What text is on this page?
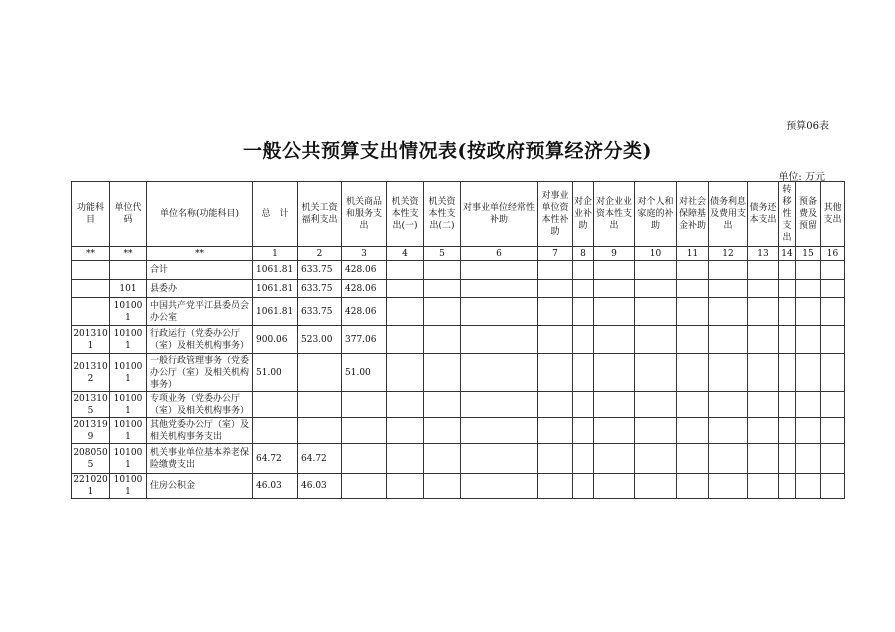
预算06表
一般公共预算支出情况表(按政府预算经济分类)
单位: 万元
功能科目	单位代码	单位名称(功能科目)	总　计	机关工资福利支出	机关商品和服务支出	机关资本性支出(一)	机关资本性支出(二)	对事业单位经常性补助	对事业单位资本性补助	对企业补助	对企业业资本性支出	对个人和家庭的补助	对社会保障基金补助	债务利息及费用支出	债务还本支出	转移性支出	预备费及预留	其他支出
**	**	**	1	2	3	4	5	6	7	8	9	10	11	12	13	14	15	16
		合计	1061.81	633.75	428.06													
	101	县委办	1061.81	633.75	428.06													
	101001	中国共产党平江县委员会办公室	1061.81	633.75	428.06													
2013101	101001	行政运行（党委办公厅（室）及相关机构事务）	900.06	523.00	377.06													
2013102	101001	一般行政管理事务（党委办公厅（室）及相关机构事务）	51.00		51.00													
2013105	101001	专项业务（党委办公厅（室）及相关机构事务）																
2013199	101001	其他党委办公厅（室）及相关机构事务支出																
2080505	101001	机关事业单位基本养老保险缴费支出	64.72	64.72														
2210201	101001	住房公积金	46.03	46.03														
